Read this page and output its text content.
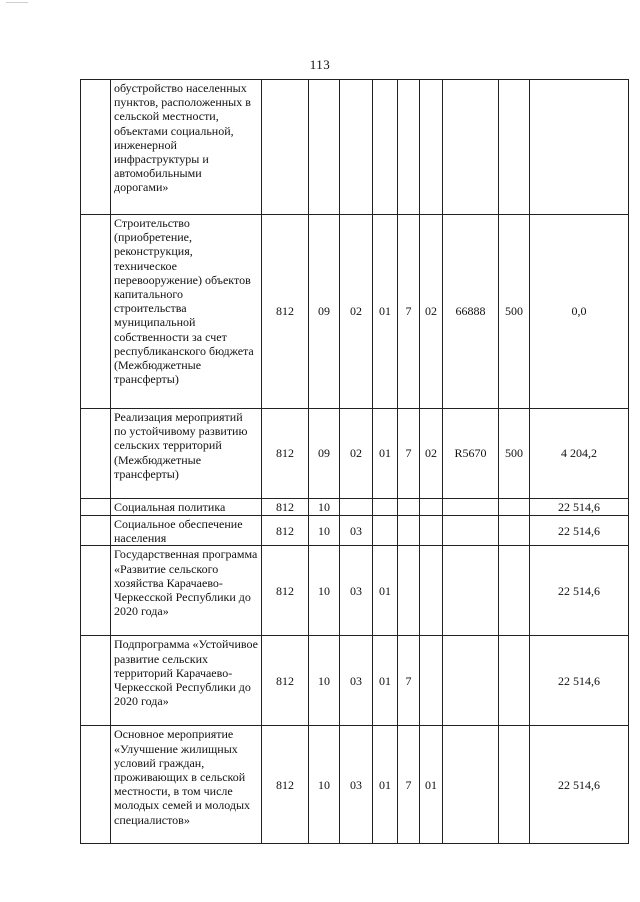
113
	обустройство населенных пунктов, расположенных в сельской местности, объектами социальной, инженерной инфраструктуры и автомобильными дорогами»									
	Строительство (приобретение, реконструкция, техническое перевооружение) объектов капитального строительства муниципальной собственности за счет республиканского бюджета (Межбюджетные трансферты)	812	09	02	01	7	02	66888	500	0,0
	Реализация мероприятий по устойчивому развитию сельских территорий (Межбюджетные трансферты)	812	09	02	01	7	02	R5670	500	4 204,2
	Социальная политика	812	10							22 514,6
	Социальное обеспечение населения	812	10	03						22 514,6
	Государственная программа «Развитие сельского хозяйства Карачаево-Черкесской Республики до 2020 года»	812	10	03	01					22 514,6
	Подпрограмма «Устойчивое развитие сельских территорий Карачаево-Черкесской Республики до 2020 года»	812	10	03	01	7				22 514,6
	Основное мероприятие «Улучшение жилищных условий граждан, проживающих в сельской местности, в том числе молодых семей и молодых специалистов»	812	10	03	01	7	01			22 514,6
